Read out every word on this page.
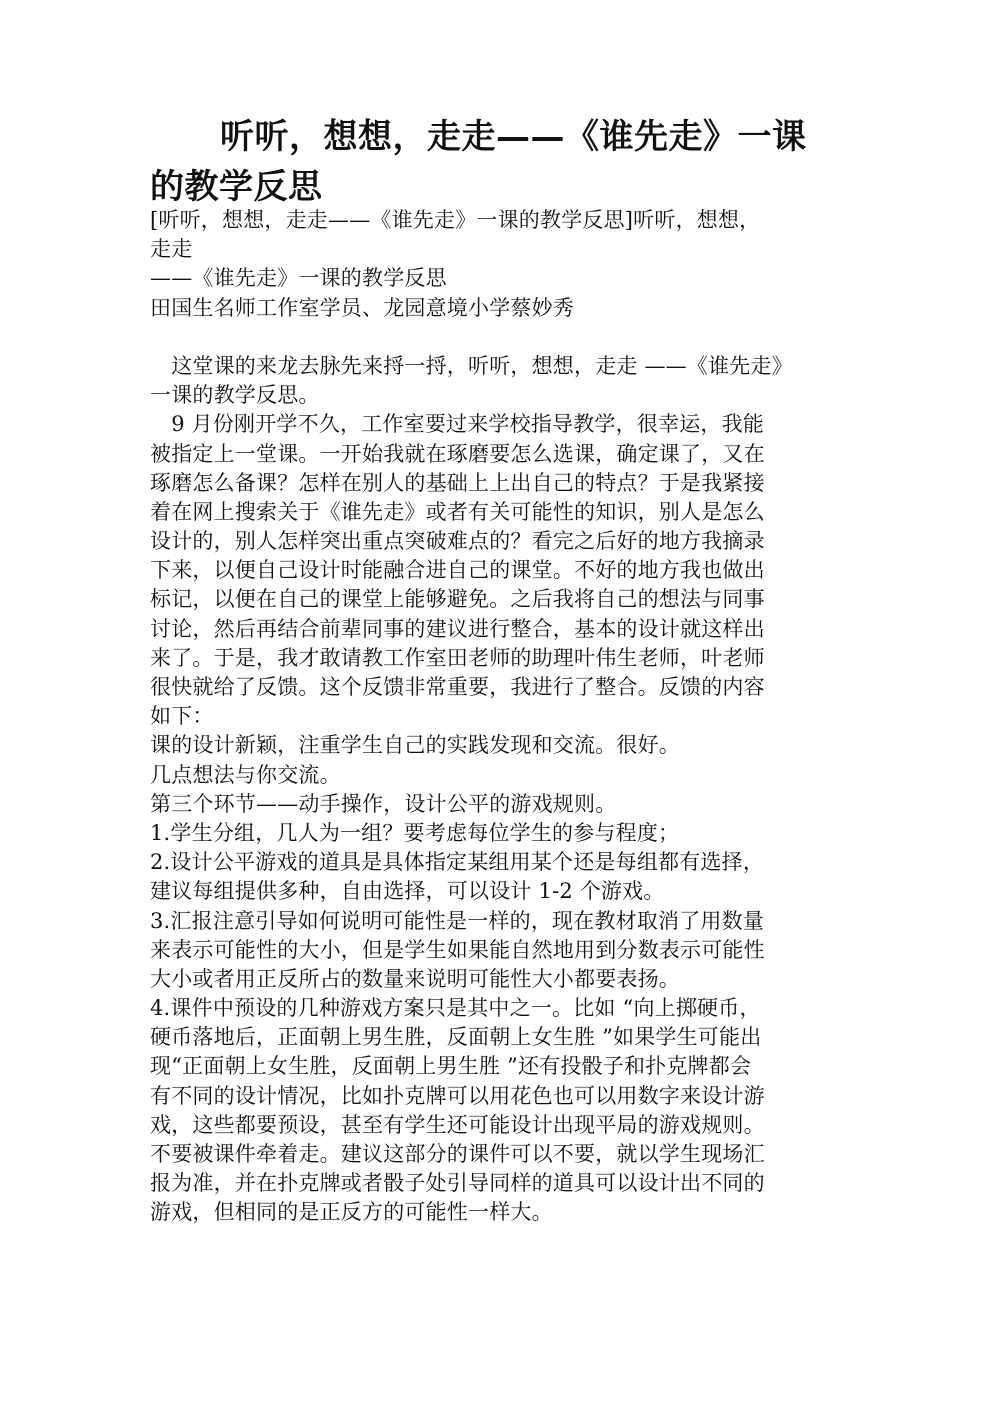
听听，想想，走走——《谁先走》一课的教学反思
[听听，想想，走走——《谁先走》一课的教学反思]听听，想想，
走走
——《谁先走》一课的教学反思
田国生名师工作室学员、龙园意境小学蔡妙秀
 这堂课的来龙去脉先来捋一捋，听听，想想，走走 ——《谁先走》
一课的教学反思。
 9 月份刚开学不久，工作室要过来学校指导教学，很幸运，我能
被指定上一堂课。一开始我就在琢磨要怎么选课，确定课了，又在
琢磨怎么备课？怎样在别人的基础上上出自己的特点？于是我紧接
着在网上搜索关于《谁先走》或者有关可能性的知识，别人是怎么
设计的，别人怎样突出重点突破难点的？看完之后好的地方我摘录
下来，以便自己设计时能融合进自己的课堂。不好的地方我也做出
标记，以便在自己的课堂上能够避免。之后我将自己的想法与同事
讨论，然后再结合前辈同事的建议进行整合，基本的设计就这样出
来了。于是，我才敢请教工作室田老师的助理叶伟生老师，叶老师
很快就给了反馈。这个反馈非常重要，我进行了整合。反馈的内容
如下：
课的设计新颖，注重学生自己的实践发现和交流。很好。
几点想法与你交流。
第三个环节——动手操作，设计公平的游戏规则。
1.学生分组，几人为一组？要考虑每位学生的参与程度；
2.设计公平游戏的道具是具体指定某组用某个还是每组都有选择，
建议每组提供多种，自由选择，可以设计 1-2 个游戏。
3.汇报注意引导如何说明可能性是一样的，现在教材取消了用数量
来表示可能性的大小，但是学生如果能自然地用到分数表示可能性
大小或者用正反所占的数量来说明可能性大小都要表扬。
4.课件中预设的几种游戏方案只是其中之一。比如 “向上掷硬币，
硬币落地后，正面朝上男生胜，反面朝上女生胜 ”如果学生可能出
现“正面朝上女生胜，反面朝上男生胜 ”还有投骰子和扑克牌都会
有不同的设计情况，比如扑克牌可以用花色也可以用数字来设计游
戏，这些都要预设，甚至有学生还可能设计出现平局的游戏规则。
不要被课件牵着走。建议这部分的课件可以不要，就以学生现场汇
报为准，并在扑克牌或者骰子处引导同样的道具可以设计出不同的
游戏，但相同的是正反方的可能性一样大。
